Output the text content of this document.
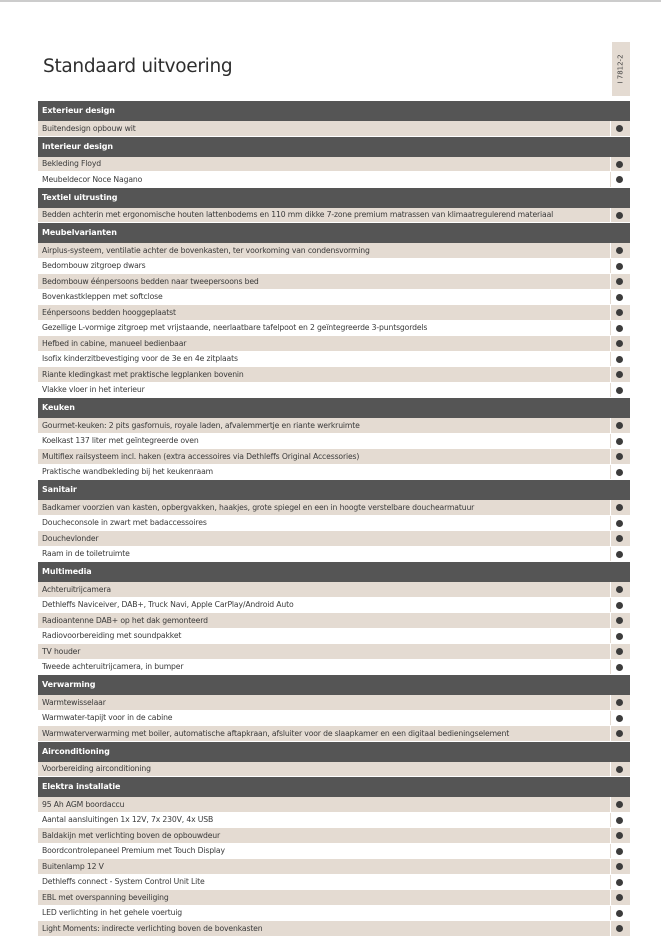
Standaard uitvoering	I 7812-2
Exterieur design
Buitendesign opbouw wit
Interieur design
Bekleding Floyd
Meubeldecor Noce Nagano
Textiel uitrusting
Bedden achterin met ergonomische houten lattenbodems en 110 mm dikke 7-zone premium matrassen van klimaatregulerend materiaal
Meubelvarianten
Airplus-systeem, ventilatie achter de bovenkasten, ter voorkoming van condensvorming
Bedombouw zitgroep dwars
Bedombouw éénpersoons bedden naar tweepersoons bed
Bovenkastkleppen met softclose
Eénpersoons bedden hooggeplaatst
Gezellige L-vormige zitgroep met vrijstaande, neerlaatbare tafelpoot en 2 geïntegreerde 3-puntsgordels
Hefbed in cabine, manueel bedienbaar
Isofix kinderzitbevestiging voor de 3e en 4e zitplaats
Riante kledingkast met praktische legplanken bovenin
Vlakke vloer in het interieur
Keuken
Gourmet-keuken: 2 pits gasfornuis, royale laden, afvalemmertje en riante werkruimte
Koelkast 137 liter met geïntegreerde oven
Multiflex railsysteem incl. haken (extra accessoires via Dethleffs Original Accessories)
Praktische wandbekleding bij het keukenraam
Sanitair
Badkamer voorzien van kasten, opbergvakken, haakjes, grote spiegel en een in hoogte verstelbare douchearmatuur
Doucheconsole in zwart met badaccessoires
Douchevlonder
Raam in de toiletruimte
Multimedia
Achteruitrijcamera
Dethleffs Naviceiver, DAB+, Truck Navi, Apple CarPlay/Android Auto
Radioantenne DAB+ op het dak gemonteerd
Radiovoorbereiding met soundpakket
TV houder
Tweede achteruitrijcamera, in bumper
Verwarming
Warmtewisselaar
Warmwater-tapijt voor in de cabine
Warmwaterverwarming met boiler, automatische aftapkraan, afsluiter voor de slaapkamer en een digitaal bedieningselement
Airconditioning
Voorbereiding airconditioning
Elektra installatie
95 Ah AGM boordaccu
Aantal aansluitingen 1x 12V, 7x 230V, 4x USB
Baldakijn met verlichting boven de opbouwdeur
Boordcontrolepaneel Premium met Touch Display
Buitenlamp 12 V
Dethleffs connect - System Control Unit Lite
EBL met overspanning beveiliging
LED verlichting in het gehele voertuig
Light Moments: indirecte verlichting boven de bovenkasten
